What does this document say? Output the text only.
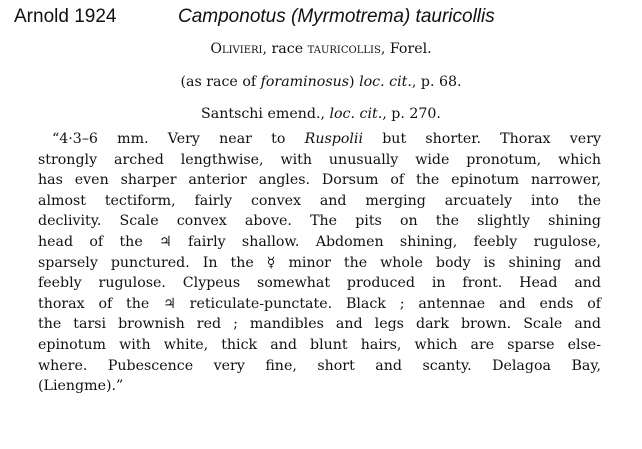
Arnold 1924	Camponotus (Myrmotrema) tauricollis
Olivieri, race tauricollis, Forel.
(as race of foraminosus) loc. cit., p. 68.
Santschi emend., loc. cit., p. 270.
“4·3–6 mm. Very near to Ruspolii but shorter. Thorax very
strongly arched lengthwise, with unusually wide pronotum, which
has even sharper anterior angles. Dorsum of the epinotum narrower,
almost tectiform, fairly convex and merging arcuately into the
declivity. Scale convex above. The pits on the slightly shining
head of the ♃ fairly shallow. Abdomen shining, feebly rugulose,
sparsely punctured. In the ☿ minor the whole body is shining and
feebly rugulose. Clypeus somewhat produced in front. Head and
thorax of the ♃ reticulate-punctate. Black ; antennae and ends of
the tarsi brownish red ; mandibles and legs dark brown. Scale and
epinotum with white, thick and blunt hairs, which are sparse else-
where. Pubescence very fine, short and scanty. Delagoa Bay,
(Liengme).”
